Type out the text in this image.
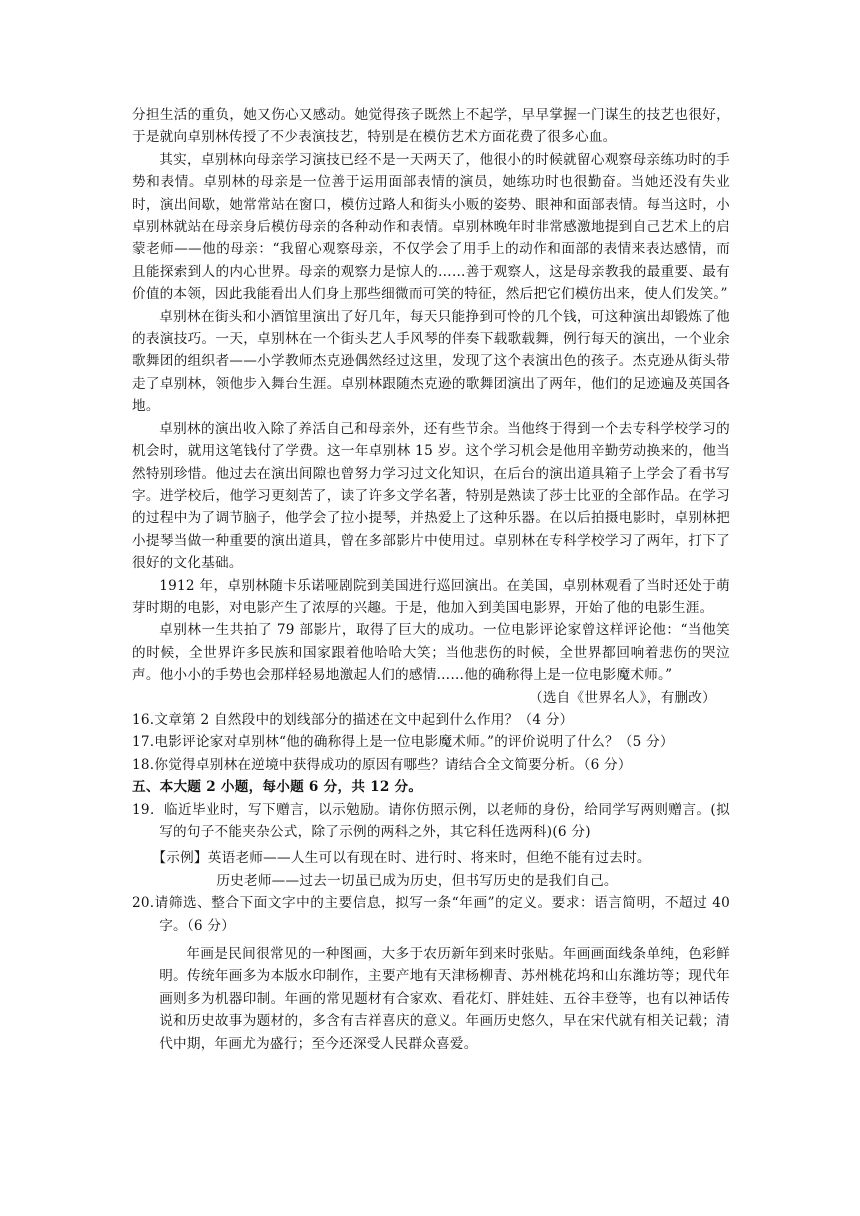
分担生活的重负，她又伤心又感动。她觉得孩子既然上不起学，早早掌握一门谋生的技艺也很好，于是就向卓别林传授了不少表演技艺，特别是在模仿艺术方面花费了很多心血。

其实，卓别林向母亲学习演技已经不是一天两天了，他很小的时候就留心观察母亲练功时的手势和表情。卓别林的母亲是一位善于运用面部表情的演员，她练功时也很勤奋。当她还没有失业时，演出间歇，她常常站在窗口，模仿过路人和街头小贩的姿势、眼神和面部表情。每当这时，小卓别林就站在母亲身后模仿母亲的各种动作和表情。卓别林晚年时非常感激地提到自己艺术上的启蒙老师——他的母亲：“我留心观察母亲，不仅学会了用手上的动作和面部的表情来表达感情，而且能探索到人的内心世界。母亲的观察力是惊人的……善于观察人，这是母亲教我的最重要、最有价值的本领，因此我能看出人们身上那些细微而可笑的特征，然后把它们模仿出来，使人们发笑。”

卓别林在街头和小酒馆里演出了好几年，每天只能挣到可怜的几个钱，可这种演出却锻炼了他的表演技巧。一天，卓别林在一个街头艺人手风琴的伴奏下载歌载舞，例行每天的演出，一个业余歌舞团的组织者——小学教师杰克逊偶然经过这里，发现了这个表演出色的孩子。杰克逊从街头带走了卓别林，领他步入舞台生涯。卓别林跟随杰克逊的歌舞团演出了两年，他们的足迹遍及英国各地。

卓别林的演出收入除了养活自己和母亲外，还有些节余。当他终于得到一个去专科学校学习的机会时，就用这笔钱付了学费。这一年卓别林 15 岁。这个学习机会是他用辛勤劳动换来的，他当然特别珍惜。他过去在演出间隙也曾努力学习过文化知识，在后台的演出道具箱子上学会了看书写字。进学校后，他学习更刻苦了，读了许多文学名著，特别是熟读了莎士比亚的全部作品。在学习的过程中为了调节脑子，他学会了拉小提琴，并热爱上了这种乐器。在以后拍摄电影时，卓别林把小提琴当做一种重要的演出道具，曾在多部影片中使用过。卓别林在专科学校学习了两年，打下了很好的文化基础。

1912 年，卓别林随卡乐诺哑剧院到美国进行巡回演出。在美国，卓别林观看了当时还处于萌芽时期的电影，对电影产生了浓厚的兴趣。于是，他加入到美国电影界，开始了他的电影生涯。

卓别林一生共拍了 79 部影片，取得了巨大的成功。一位电影评论家曾这样评论他：“当他笑的时候，全世界许多民族和国家跟着他哈哈大笑；当他悲伤的时候，全世界都回响着悲伤的哭泣声。他小小的手势也会那样轻易地激起人们的感情……他的确称得上是一位电影魔术师。”
（选自《世界名人》，有删改）

16.文章第 2 自然段中的划线部分的描述在文中起到什么作用？（4 分）

17.电影评论家对卓别林“他的确称得上是一位电影魔术师。”的评价说明了什么？（5 分）

18.你觉得卓别林在逆境中获得成功的原因有哪些？请结合全文简要分析。（6 分）

五、本大题 2 小题，每小题 6 分，共 12 分。

19．临近毕业时，写下赠言，以示勉励。请你仿照示例，以老师的身份，给同学写两则赠言。(拟写的句子不能夹杂公式，除了示例的两科之外，其它科任选两科)(6 分)

【示例】英语老师——人生可以有现在时、进行时、将来时，但绝不能有过去时。

历史老师——过去一切虽已成为历史，但书写历史的是我们自己。

20.请筛选、整合下面文字中的主要信息，拟写一条“年画”的定义。要求：语言简明，不超过 40 字。（6 分）

年画是民间很常见的一种图画，大多于农历新年到来时张贴。年画画面线条单纯，色彩鲜明。传统年画多为本版水印制作，主要产地有天津杨柳青、苏州桃花坞和山东潍坊等；现代年画则多为机器印制。年画的常见题材有合家欢、看花灯、胖娃娃、五谷丰登等，也有以神话传说和历史故事为题材的，多含有吉祥喜庆的意义。年画历史悠久，早在宋代就有相关记载；清代中期，年画尤为盛行；至今还深受人民群众喜爱。
